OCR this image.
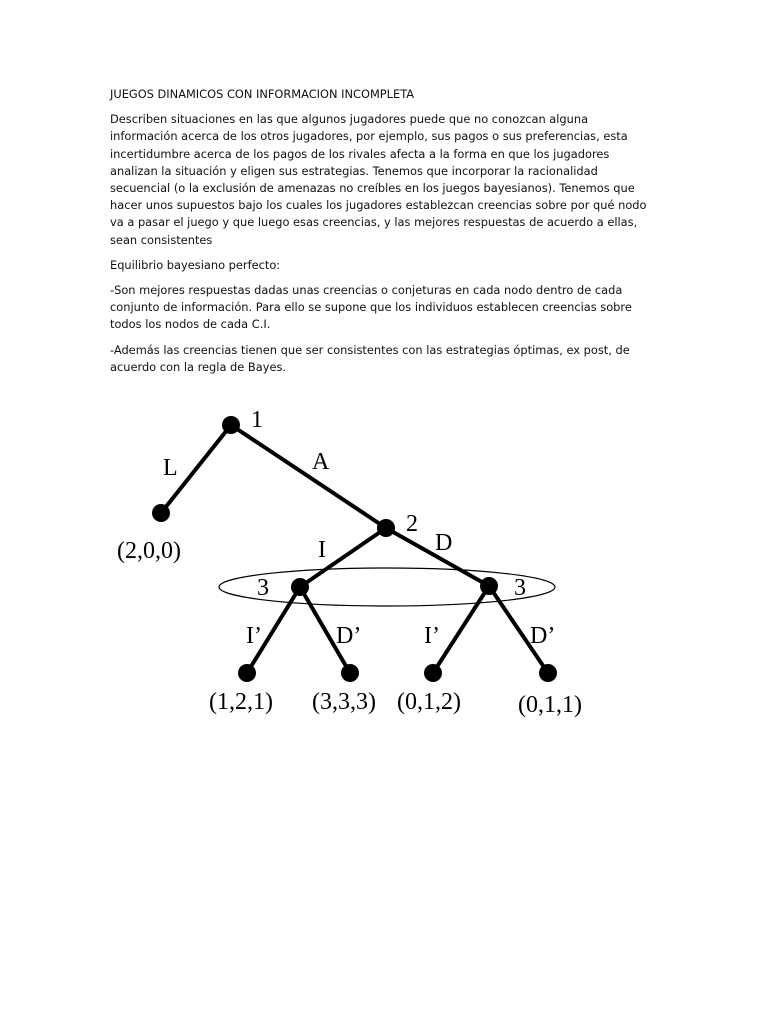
JUEGOS DINAMICOS CON INFORMACION INCOMPLETA

Describen situaciones en las que algunos jugadores puede que no conozcan alguna información acerca de los otros jugadores, por ejemplo, sus pagos o sus preferencias, esta incertidumbre acerca de los pagos de los rivales afecta a la forma en que los jugadores analizan la situación y eligen sus estrategias. Tenemos que incorporar la racionalidad secuencial (o la exclusión de amenazas no creíbles en los juegos bayesianos). Tenemos que hacer unos supuestos bajo los cuales los jugadores establezcan creencias sobre por qué nodo va a pasar el juego y que luego esas creencias, y las mejores respuestas de acuerdo a ellas, sean consistentes

Equilibrio bayesiano perfecto:

-Son mejores respuestas dadas unas creencias o conjeturas en cada nodo dentro de cada conjunto de información. Para ello se supone que los individuos establecen creencias sobre todos los nodos de cada C.I.

-Además las creencias tienen que ser consistentes con las estrategias óptimas, ex post, de acuerdo con la regla de Bayes.

1
2
3	3
L	A
I	D
I’	D’	I’	D’
(2,0,0)
(1,2,1) (3,3,3) (0,1,2) (0,1,1)
